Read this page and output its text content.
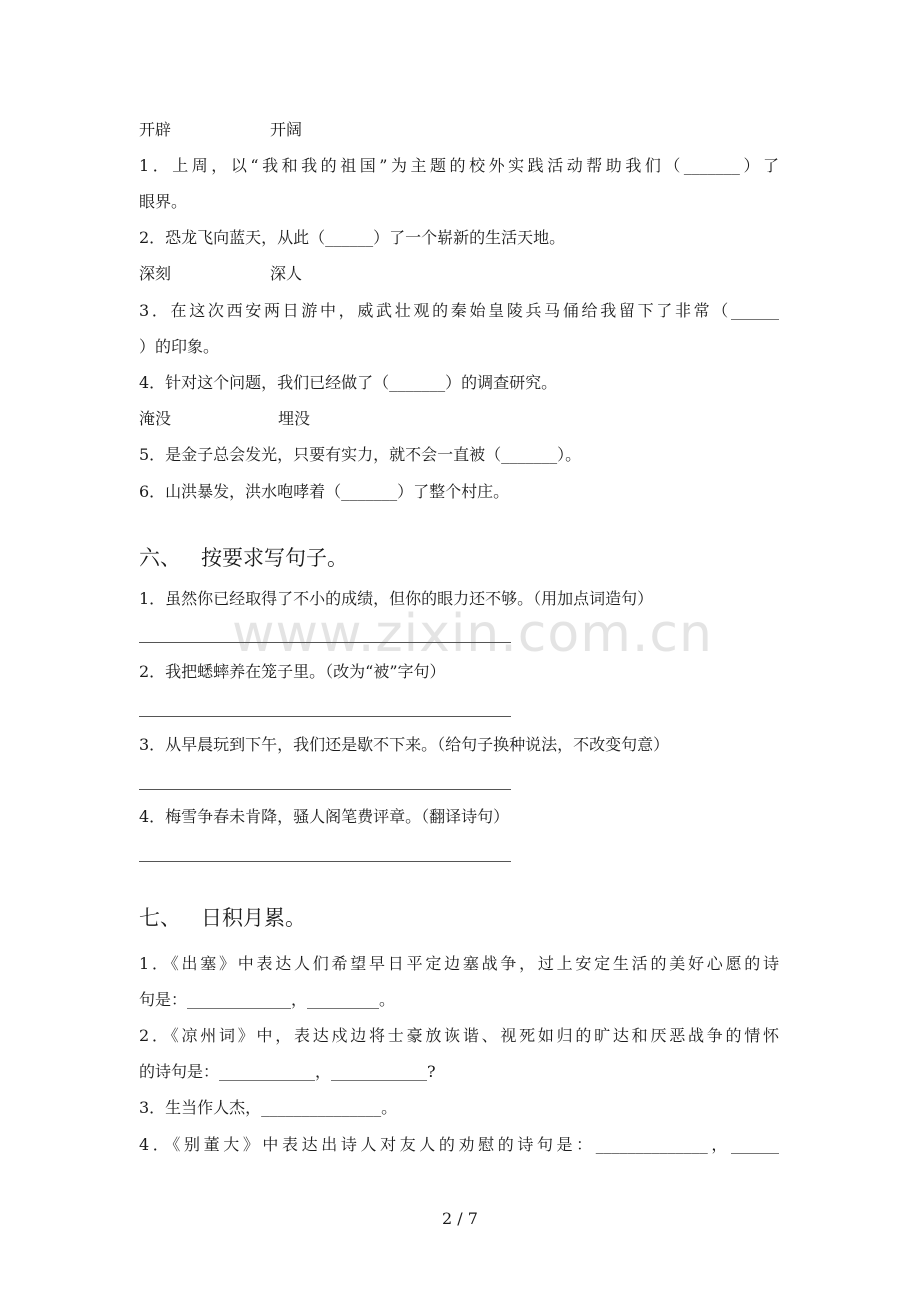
www.zixin.com.cn
开辟	开阔
1．上周，以“我和我的祖国”为主题的校外实践活动帮助我们（_______）了
眼界。
2．恐龙飞向蓝天，从此（______）了一个崭新的生活天地。
深刻	深人
3．在这次西安两日游中，威武壮观的秦始皇陵兵马俑给我留下了非常（______
）的印象。
4．针对这个问题，我们已经做了（_______）的调查研究。
淹没	埋没
5．是金子总会发光，只要有实力，就不会一直被（_______）。
6．山洪暴发，洪水咆哮着（_______）了整个村庄。
六、 按要求写句子。
1．虽然你已经取得了不小的成绩，但你的眼力还不够。（用加点词造句）
2．我把蟋蟀养在笼子里。（改为“被”字句）
3．从早晨玩到下午，我们还是歇不下来。（给句子换种说法，不改变句意）
4．梅雪争春未肯降，骚人阁笔费评章。（翻译诗句）
七、 日积月累。
1．《出塞》中表达人们希望早日平定边塞战争，过上安定生活的美好心愿的诗
句是：_____________，_________。
2．《凉州词》中，表达戍边将士豪放诙谐、视死如归的旷达和厌恶战争的情怀
的诗句是：____________，____________?
3．生当作人杰，_______________。
4．《别董大》中表达出诗人对友人的劝慰的诗句是：______________，______
2 / 7
